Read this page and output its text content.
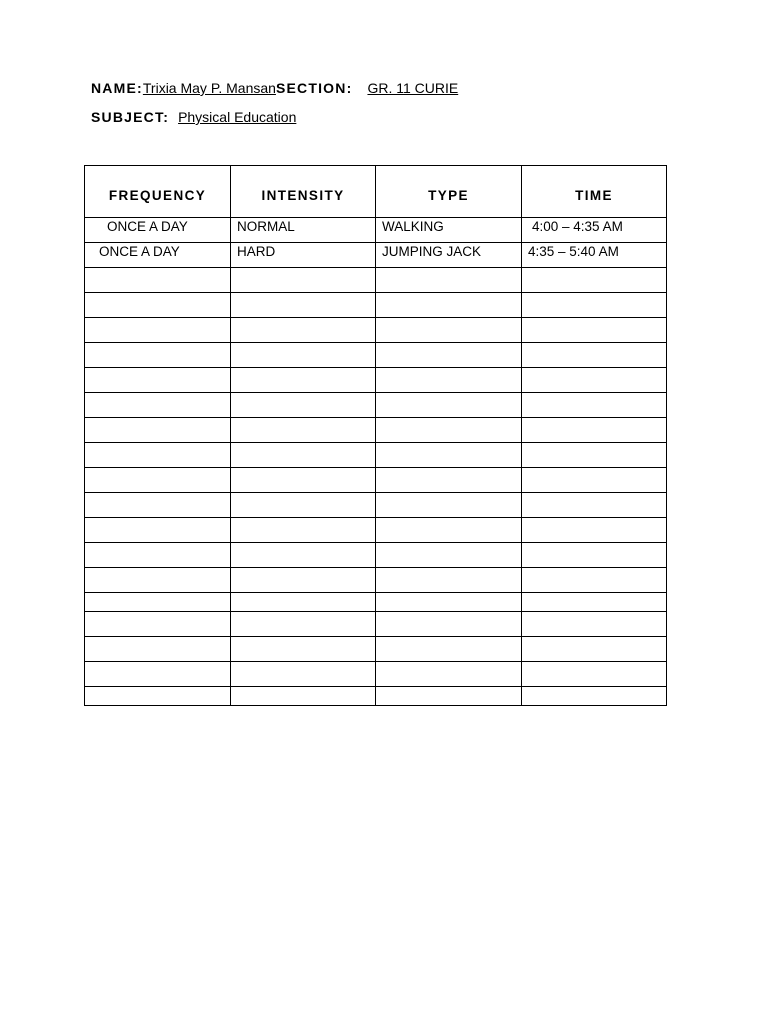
NAME:Trixia May P. MansanSECTION: GR. 11 CURIE
SUBJECT: Physical Education
FREQUENCY	INTENSITY	TYPE	TIME
ONCE A DAY	NORMAL	WALKING	4:00 – 4:35 AM
ONCE A DAY	HARD	JUMPING JACK	4:35 – 5:40 AM
